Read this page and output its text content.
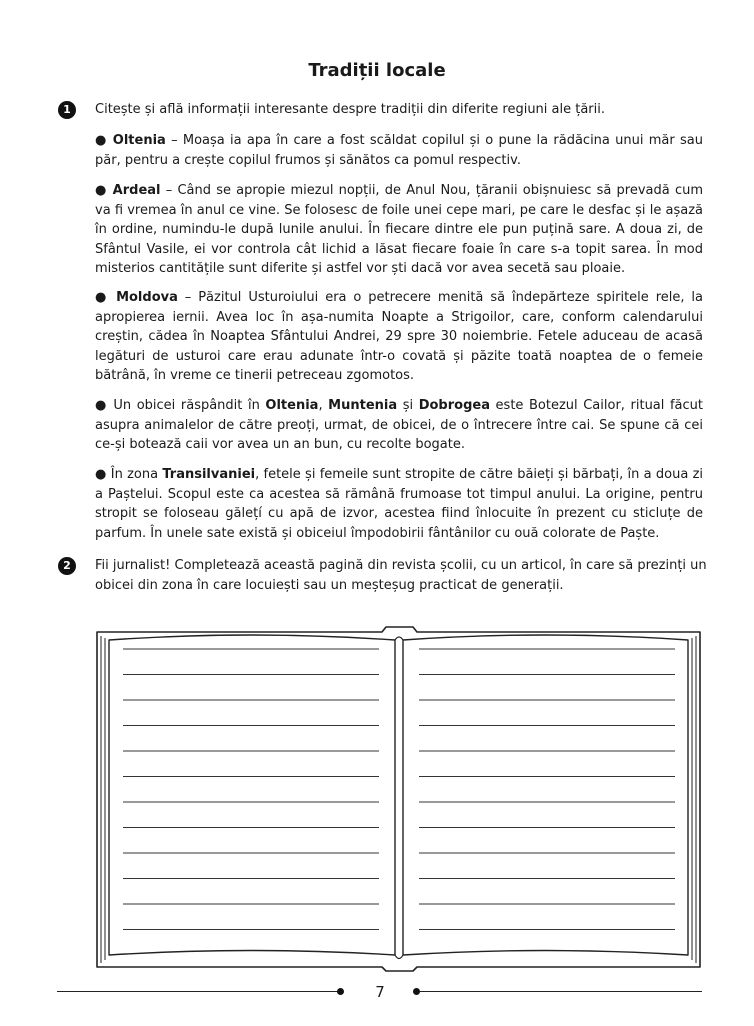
Tradiții locale
1	Citește și află informații interesante despre tradiții din diferite regiuni ale țării.
● Oltenia – Moașa ia apa în care a fost scăldat copilul și o pune la rădăcina unui măr sau păr, pentru a crește copilul frumos și sănătos ca pomul respectiv.
● Ardeal – Când se apropie miezul nopții, de Anul Nou, țăranii obișnuiesc să prevadă cum va fi vremea în anul ce vine. Se folosesc de foile unei cepe mari, pe care le desfac și le așază în ordine, numindu-le după lunile anului. În fiecare dintre ele pun puțină sare. A doua zi, de Sfântul Vasile, ei vor controla cât lichid a lăsat fiecare foaie în care s-a topit sarea. În mod misterios cantitățile sunt diferite și astfel vor ști dacă vor avea secetă sau ploaie.
● Moldova – Păzitul Usturoiului era o petrecere menită să îndepărteze spiritele rele, la apropierea iernii. Avea loc în așa-numita Noapte a Strigoilor, care, conform calendarului creștin, cădea în Noaptea Sfântului Andrei, 29 spre 30 noiembrie. Fetele aduceau de acasă legături de usturoi care erau adunate într-o covată și păzite toată noaptea de o femeie bătrână, în vreme ce tinerii petreceau zgomotos.
● Un obicei răspândit în Oltenia, Muntenia și Dobrogea este Botezul Cailor, ritual făcut asupra animalelor de către preoți, urmat, de obicei, de o întrecere între cai. Se spune că cei ce-și botează caii vor avea un an bun, cu recolte bogate.
● În zona Transilvaniei, fetele și femeile sunt stropite de către băieți și bărbați, în a doua zi a Paștelui. Scopul este ca acestea să rămână frumoase tot timpul anului. La origine, pentru stropit se foloseau gălețí cu apă de izvor, acestea fiind înlocuite în prezent cu sticluțe de parfum. În unele sate există și obiceiul împodobirii fântânilor cu ouă colorate de Paște.
2	Fii jurnalist! Completează această pagină din revista școlii, cu un articol, în care să prezinți un obicei din zona în care locuiești sau un meșteșug practicat de generații.
7
